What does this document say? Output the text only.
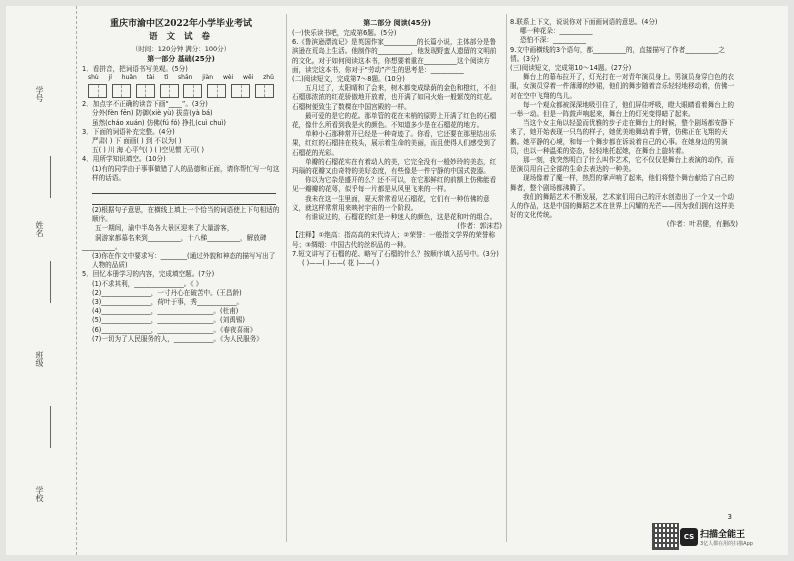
学号
姓名
班级
学校
重庆市渝中区2022年小学毕业考试
语 文 试 卷
（时间：120分钟 满分：100分）
第一部分 基础(25分)

1．看拼音，把词语书写美观。(5分)

shù jí huǎn tài tǐ shān jiàn wèi wēi zhǔ

2．加点字不正确的读音下画“____”。(3分)

分外(fèn fēn) 防御(xiè yù) 拔苗(yà bá)

虽然(cháo xuán) 仿佛(fú fó) 挣扎(cuì chuì)

3．下面的词语补充完整。(4分)

严肃( ) 下 面画( ) 到 不以为( )

五( ) 川 海 心平气( ) ( )空见惯 无可( )

4．用所学知识填空。(10分)

(1)有的同学由于事事做错了人的品德和正面，请你帮忙写一句这样的话语。

(2)根据句子意思，在横线上填上一个恰当的词语使上下句相适的顺序。

五一期间，渝中半岛各大景区迎来了大量游客，

洞游家都慕名来到__________，十八梯__________，解放碑__________。

(3)你在作文中要求写：________(通过外貌和神态的描写写出了人物的品质)

5．回忆本册学习的内容，完成填空题。(7分)

(1)不求其利，_______________。《 》

(2)_______________，一寸丹心在破苦中。(王昌龄)

(3)_______________，荷叶于事，秀____________。

(4)_______________，_________________。(杜甫)

(5)_______________，_________________。(刘禹锡)

(6)_______________，_________________。《春夜喜雨》

(7)一切为了人民服务的人，____________。《为人民服务》

第二部分 阅读(45分)

(一)快乐读书吧，完成第6题。(5分)

6.《鲁滨逊漂流记》是英国作家__________的长篇小说，主体部分是鲁滨逊在荒岛上生活。他制作的__________，他发现野蛮人遗留的文明前的文化。对于如何阅读这本书，你想要着重在__________这个阅读方面，读完这本书，你对于“劳动”产生的思考是：__________

(二)阅读短文，完成第7～8题。(10分)

五月过了，太阳晴和了会来，树木都变成绿荫的金色和橙红，不但石榴那浓浓的红花骄傲地开放着，也开满了如同火焰一般繁茂的红花。石榴树便致生了数棵在中国宫殿的一样。

最可爱的是它的花。那单管的花在末梢的原野上开满了红色的石榴花，像什么所看到我是火的颜色。不知道多少是在石榴花的地方。

单种小石那种常开已经是一种奇迹了。你看，它还要在那里结出乐果，红红的石榴挂在枝头，展示着生命的美丽，而且使得人们感受到了石榴花的光彩。

单瓣的石榴花实在有着动人的美，它完全没有一般妙玲的美态，红玛瑙的花瓣又由奇特的美好态度，有些像是一件宁静的中国式瓷器。

你以为它杂是盛开的么？还不可以，在它那鲜红的前额上仿佛能看见一瓣瓣的花萼，似乎每一片都是从风里飞来的一样。

我未在这一生里面，夏天常常看见石榴花，它们有一种仿佛的意义，就这样常常用来映衬宇宙的一个阶段。

有谁说过的，石榴花的红是一种迷人的颜色，这是花和叶的组合。

(作者：郭沫若)

【注释】①绝高：指高高的宋代诗人；②荣誉：一般指文学界的荣誉称号；③绸缎：中国古代的丝织品的一种。

7.短文讲写了石榴的花、略写了石榴的什么？按顺序填入括号中。(3分)

( )——( )——( 花 )——( )

8.联系上下文，说说你对下面画词语的意思。(4分)

哪一种花朵：__________

恐怕不深：__________

9.文中画横线的3个语句，都__________的，直接描写了作者__________之情。(3分)

(三)阅读短文，完成第10～14题。(27分)

舞台上的幕布拉开了，灯光打在一对青年演员身上。男演员身穿白色的衣服，女演员穿着一件薄薄的纱裙，他们的舞步随着音乐轻轻地移动着，仿佛一对在空中飞翔的鸟儿。

每一个观众都被深深地吸引住了，他们屏住呼吸，瞪大眼睛看着舞台上的一举一动。但是一阵鼓声响起来，舞台上的灯光变得暗了起来。

当这个女主角以轻盈而优雅的步子走在舞台上的时候，整个剧场都安静下来了，她开始表现一只鸟的样子，她优美地舞动着手臂，仿佛正在飞翔的天鹅。她平静的心境，和每一个舞步都在诉说着自己的心事。在她身边的男演员，也以一种温柔的姿态，轻轻地托起她，在舞台上旋转着。

那一刻，我突然明白了什么叫作艺术，它不仅仅是舞台上表演的动作，而是演员用自己全部的生命去表达的一种美。

现场像着了魔一样，热烈的掌声响了起来，他们将整个舞台献给了自己的舞者，整个剧场都沸腾了。

我们的舞蹈艺术不断发展，艺术家们用自己的汗水创造出了一个又一个动人的作品，这是中国的舞蹈艺术在世界上闪耀的光芒——因为我们拥有这样美好的文化传统。

(作者：叶君健，有删改)

3
CS 扫描全能王
3亿人都在用的扫描App
